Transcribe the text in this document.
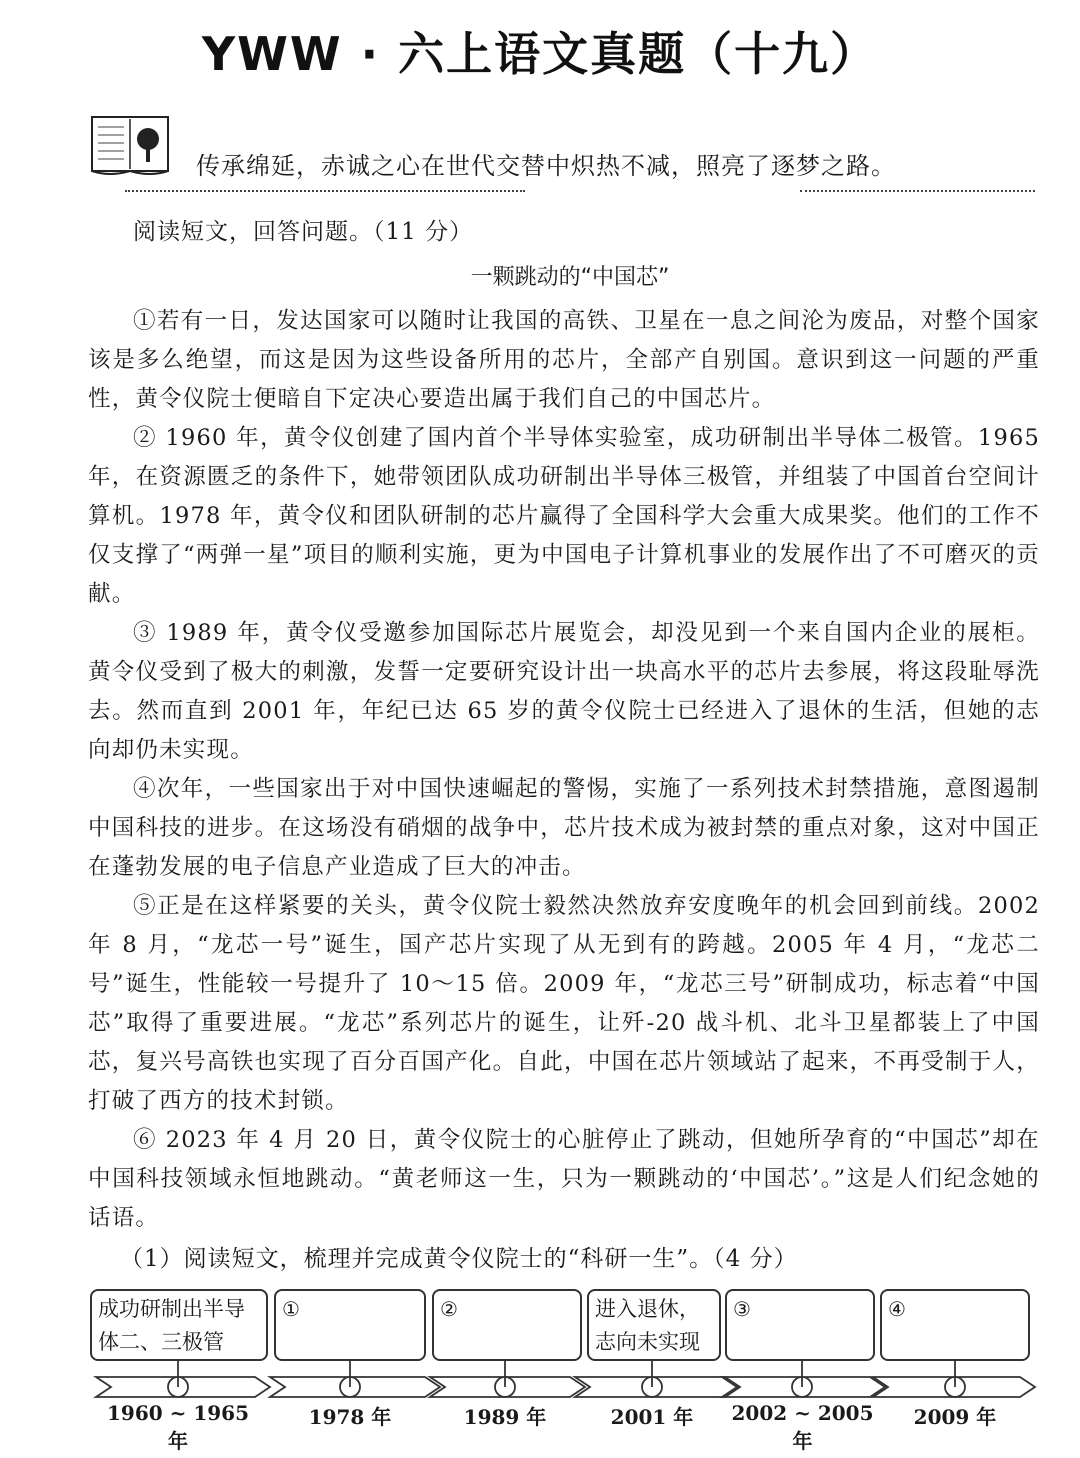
YWW · 六上语文真题（十九）
传承绵延，赤诚之心在世代交替中炽热不减，照亮了逐梦之路。
阅读短文，回答问题。（11 分）
一颗跳动的“中国芯”

①若有一日，发达国家可以随时让我国的高铁、卫星在一息之间沦为废品，对整个国家该是多么绝望，而这是因为这些设备所用的芯片，全部产自别国。意识到这一问题的严重性，黄令仪院士便暗自下定决心要造出属于我们自己的中国芯片。

② 1960 年，黄令仪创建了国内首个半导体实验室，成功研制出半导体二极管。1965 年，在资源匮乏的条件下，她带领团队成功研制出半导体三极管，并组装了中国首台空间计算机。1978 年，黄令仪和团队研制的芯片赢得了全国科学大会重大成果奖。他们的工作不仅支撑了“两弹一星”项目的顺利实施，更为中国电子计算机事业的发展作出了不可磨灭的贡献。

③ 1989 年，黄令仪受邀参加国际芯片展览会，却没见到一个来自国内企业的展柜。黄令仪受到了极大的刺激，发誓一定要研究设计出一块高水平的芯片去参展，将这段耻辱洗去。然而直到 2001 年，年纪已达 65 岁的黄令仪院士已经进入了退休的生活，但她的志向却仍未实现。

④次年，一些国家出于对中国快速崛起的警惕，实施了一系列技术封禁措施，意图遏制中国科技的进步。在这场没有硝烟的战争中，芯片技术成为被封禁的重点对象，这对中国正在蓬勃发展的电子信息产业造成了巨大的冲击。

⑤正是在这样紧要的关头，黄令仪院士毅然决然放弃安度晚年的机会回到前线。2002 年 8 月，“龙芯一号”诞生，国产芯片实现了从无到有的跨越。2005 年 4 月，“龙芯二号”诞生，性能较一号提升了 10～15 倍。2009 年，“龙芯三号”研制成功，标志着“中国芯”取得了重要进展。“龙芯”系列芯片的诞生，让歼-20 战斗机、北斗卫星都装上了中国芯，复兴号高铁也实现了百分百国产化。自此，中国在芯片领域站了起来，不再受制于人，打破了西方的技术封锁。

⑥ 2023 年 4 月 20 日，黄令仪院士的心脏停止了跳动，但她所孕育的“中国芯”却在中国科技领域永恒地跳动。“黄老师这一生，只为一颗跳动的‘中国芯’。”这是人们纪念她的话语。

（1）阅读短文，梳理并完成黄令仪院士的“科研一生”。（4 分）
成功研制出半导体二、三极管
①	②	进入退休，志向未实现
③	④
1960 ~ 1965 年
1978 年	1989 年	2001 年	2002 ~ 2005 年
2009 年
